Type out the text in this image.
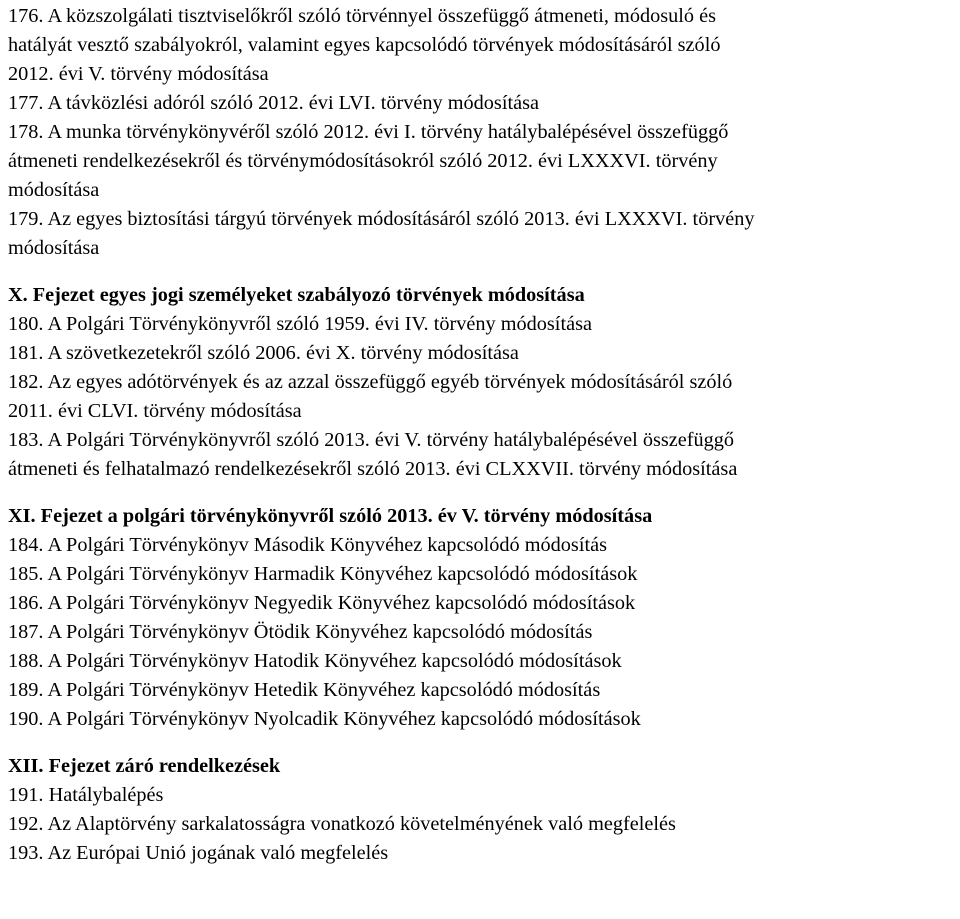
176. A közszolgálati tisztviselőkről szóló törvénnyel összefüggő átmeneti, módosuló és
hatályát vesztő szabályokról, valamint egyes kapcsolódó törvények módosításáról szóló
2012. évi V. törvény módosítása
177. A távközlési adóról szóló 2012. évi LVI. törvény módosítása
178. A munka törvénykönyvéről szóló 2012. évi I. törvény hatálybalépésével összefüggő
átmeneti rendelkezésekről és törvénymódosításokról szóló 2012. évi LXXXVI. törvény
módosítása
179. Az egyes biztosítási tárgyú törvények módosításáról szóló 2013. évi LXXXVI. törvény
módosítása
X. Fejezet egyes jogi személyeket szabályozó törvények módosítása
180. A Polgári Törvénykönyvről szóló 1959. évi IV. törvény módosítása
181. A szövetkezetekről szóló 2006. évi X. törvény módosítása
182. Az egyes adótörvények és az azzal összefüggő egyéb törvények módosításáról szóló
2011. évi CLVI. törvény módosítása
183. A Polgári Törvénykönyvről szóló 2013. évi V. törvény hatálybalépésével összefüggő
átmeneti és felhatalmazó rendelkezésekről szóló 2013. évi CLXXVII. törvény módosítása
XI. Fejezet a polgári törvénykönyvről szóló 2013. év V. törvény módosítása
184. A Polgári Törvénykönyv Második Könyvéhez kapcsolódó módosítás
185. A Polgári Törvénykönyv Harmadik Könyvéhez kapcsolódó módosítások
186. A Polgári Törvénykönyv Negyedik Könyvéhez kapcsolódó módosítások
187. A Polgári Törvénykönyv Ötödik Könyvéhez kapcsolódó módosítás
188. A Polgári Törvénykönyv Hatodik Könyvéhez kapcsolódó módosítások
189. A Polgári Törvénykönyv Hetedik Könyvéhez kapcsolódó módosítás
190. A Polgári Törvénykönyv Nyolcadik Könyvéhez kapcsolódó módosítások
XII. Fejezet záró rendelkezések
191. Hatálybalépés
192. Az Alaptörvény sarkalatosságra vonatkozó követelményének való megfelelés
193. Az Európai Unió jogának való megfelelés
